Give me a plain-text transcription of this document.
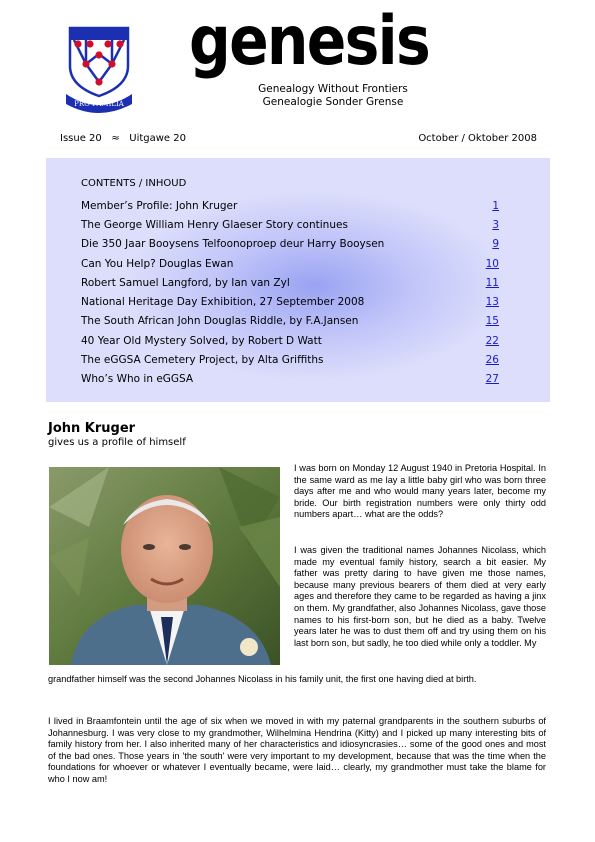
PRO FAMILIA
genesis
Genealogy Without Frontiers
Genealogie Sonder Grense
Issue 20 ≈ Uitgawe 20	October / Oktober 2008
CONTENTS / INHOUD
Member’s Profile: John Kruger	1
The George William Henry Glaeser Story continues	3
Die 350 Jaar Booysens Telfoonoproep deur Harry Booysen	9
Can You Help? Douglas Ewan	10
Robert Samuel Langford, by Ian van Zyl	11
National Heritage Day Exhibition, 27 September 2008	13
The South African John Douglas Riddle, by F.A.Jansen	15
40 Year Old Mystery Solved, by Robert D Watt	22
The eGGSA Cemetery Project, by Alta Griffiths	26
Who’s Who in eGGSA	27
John Kruger
gives us a profile of himself

I was born on Monday 12 August 1940 in Pretoria Hospital. In the same ward as me lay a little baby girl who was born three days after me and who would many years later, become my bride. Our birth registration numbers were only thirty odd numbers apart… what are the odds?

I was given the traditional names Johannes Nicolass, which made my eventual family history, search a bit easier. My father was pretty daring to have given me those names, because many previous bearers of them died at very early ages and therefore they came to be regarded as having a jinx on them. My grandfather, also Johannes Nicolass, gave those names to his first-born son, but he died as a baby. Twelve years later he was to dust them off and try using them on his last born son, but sadly, he too died while only a toddler. My

grandfather himself was the second Johannes Nicolass in his family unit, the first one having died at birth.

I lived in Braamfontein until the age of six when we moved in with my paternal grandparents in the southern suburbs of Johannesburg. I was very close to my grandmother, Wilhelmina Hendrina (Kitty) and I picked up many interesting bits of family history from her. I also inherited many of her characteristics and idiosyncrasies… some of the good ones and most of the bad ones. Those years in 'the south' were very important to my development, because that was the time when the foundations for whoever or whatever I eventually became, were laid… clearly, my grandmother must take the blame for who I now am!
